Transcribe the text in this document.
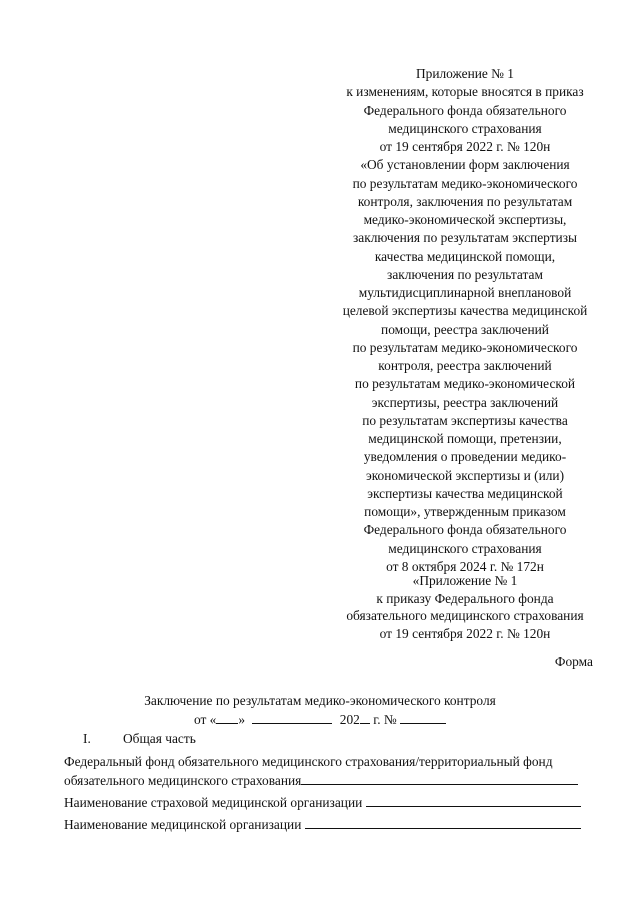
Приложение № 1
к изменениям, которые вносятся в приказ
Федерального фонда обязательного
медицинского страхования
от 19 сентября 2022 г. № 120н
«Об установлении форм заключения
по результатам медико-экономического
контроля, заключения по результатам
медико-экономической экспертизы,
заключения по результатам экспертизы
качества медицинской помощи,
заключения по результатам
мультидисциплинарной внеплановой
целевой экспертизы качества медицинской
помощи, реестра заключений
по результатам медико-экономического
контроля, реестра заключений
по результатам медико-экономической
экспертизы, реестра заключений
по результатам экспертизы качества
медицинской помощи, претензии,
уведомления о проведении медико-
экономической экспертизы и (или)
экспертизы качества медицинской
помощи», утвержденным приказом
Федерального фонда обязательного
медицинского страхования
от 8 октября 2024 г. № 172н
«Приложение № 1
к приказу Федерального фонда
обязательного медицинского страхования
от 19 сентября 2022 г. № 120н
Форма
Заключение по результатам медико-экономического контроля
от « »	202 г. №
I. Общая часть
Федеральный фонд обязательного медицинского страхования/территориальный фонд
обязательного медицинского страхования
Наименование страховой медицинской организации
Наименование медицинской организации
